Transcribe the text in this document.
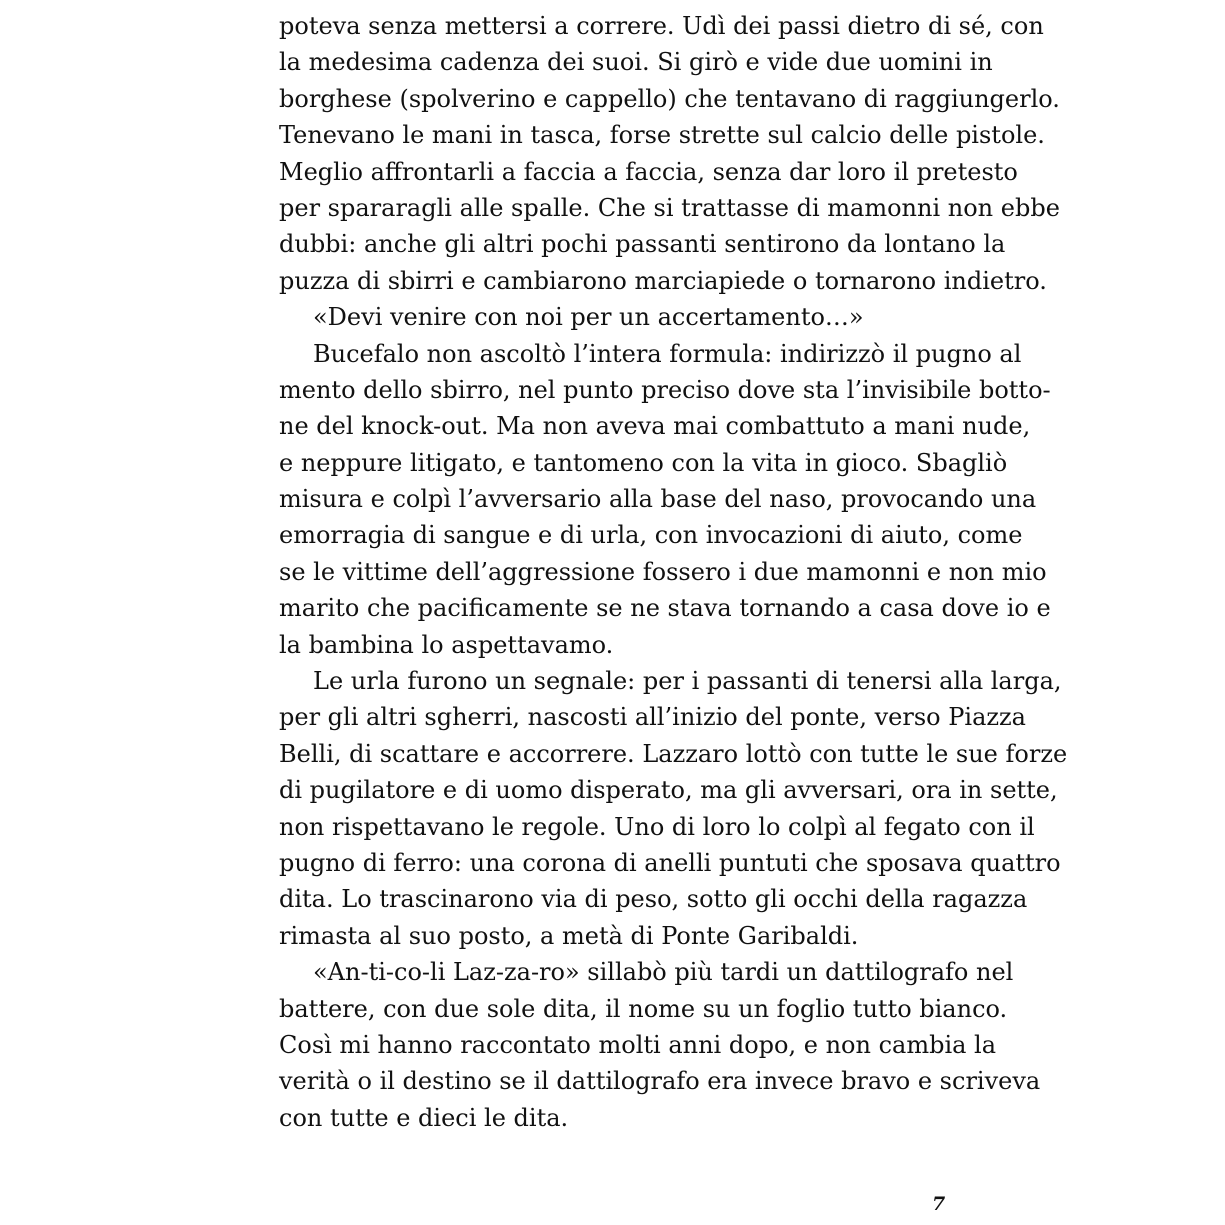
poteva senza mettersi a correre. Udì dei passi dietro di sé, con
la medesima cadenza dei suoi. Si girò e vide due uomini in
borghese (spolverino e cappello) che tentavano di raggiungerlo.
Tenevano le mani in tasca, forse strette sul calcio delle pistole.
Meglio affrontarli a faccia a faccia, senza dar loro il pretesto
per spararagli alle spalle. Che si trattasse di mamonni non ebbe
dubbi: anche gli altri pochi passanti sentirono da lontano la
puzza di sbirri e cambiarono marciapiede o tornarono indietro.

«Devi venire con noi per un accertamento…»

Bucefalo non ascoltò l’intera formula: indirizzò il pugno al
mento dello sbirro, nel punto preciso dove sta l’invisibile botto-
ne del knock-out. Ma non aveva mai combattuto a mani nude,
e neppure litigato, e tantomeno con la vita in gioco. Sbagliò
misura e colpì l’avversario alla base del naso, provocando una
emorragia di sangue e di urla, con invocazioni di aiuto, come
se le vittime dell’aggressione fossero i due mamonni e non mio
marito che pacificamente se ne stava tornando a casa dove io e
la bambina lo aspettavamo.

Le urla furono un segnale: per i passanti di tenersi alla larga,
per gli altri sgherri, nascosti all’inizio del ponte, verso Piazza
Belli, di scattare e accorrere. Lazzaro lottò con tutte le sue forze
di pugilatore e di uomo disperato, ma gli avversari, ora in sette,
non rispettavano le regole. Uno di loro lo colpì al fegato con il
pugno di ferro: una corona di anelli puntuti che sposava quattro
dita. Lo trascinarono via di peso, sotto gli occhi della ragazza
rimasta al suo posto, a metà di Ponte Garibaldi.

«An-ti-co-li Laz-za-ro» sillabò più tardi un dattilografo nel
battere, con due sole dita, il nome su un foglio tutto bianco.
Così mi hanno raccontato molti anni dopo, e non cambia la
verità o il destino se il dattilografo era invece bravo e scriveva
con tutte e dieci le dita.

7
